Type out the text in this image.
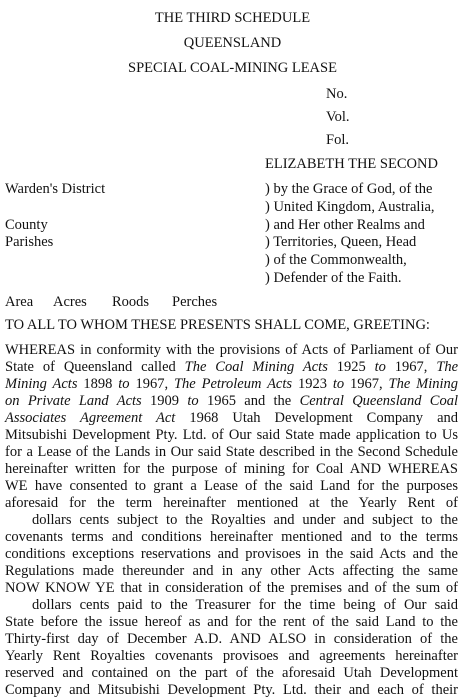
THE THIRD SCHEDULE
QUEENSLAND
SPECIAL COAL-MINING LEASE
No.
Vol.
Fol.
ELIZABETH THE SECOND
Warden's District
County
Parishes
) by the Grace of God, of the
) United Kingdom, Australia,
) and Her other Realms and
) Territories, Queen, Head
) of the Commonwealth,
) Defender of the Faith.
Area Acres Roods Perches
TO ALL TO WHOM THESE PRESENTS SHALL COME, GREETING:
WHEREAS in conformity with the provisions of Acts of Parliament of Our
State of Queensland called The Coal Mining Acts 1925 to 1967, The
Mining Acts 1898 to 1967, The Petroleum Acts 1923 to 1967, The Mining
on Private Land Acts 1909 to 1965 and the Central Queensland Coal
Associates Agreement Act 1968 Utah Development Company and
Mitsubishi Development Pty. Ltd. of Our said State made application to Us
for a Lease of the Lands in Our said State described in the Second Schedule
hereinafter written for the purpose of mining for Coal AND WHEREAS
WE have consented to grant a Lease of the said Land for the purposes
aforesaid for the term hereinafter mentioned at the Yearly Rent of
dollars cents subject to the Royalties and under and subject to the
covenants terms and conditions hereinafter mentioned and to the terms
conditions exceptions reservations and provisoes in the said Acts and the
Regulations made thereunder and in any other Acts affecting the same
NOW KNOW YE that in consideration of the premises and of the sum of
dollars cents paid to the Treasurer for the time being of Our said
State before the issue hereof as and for the rent of the said Land to the
Thirty-first day of December A.D. AND ALSO in consideration of the
Yearly Rent Royalties covenants provisoes and agreements hereinafter
reserved and contained on the part of the aforesaid Utah Development
Company and Mitsubishi Development Pty. Ltd. their and each of their
